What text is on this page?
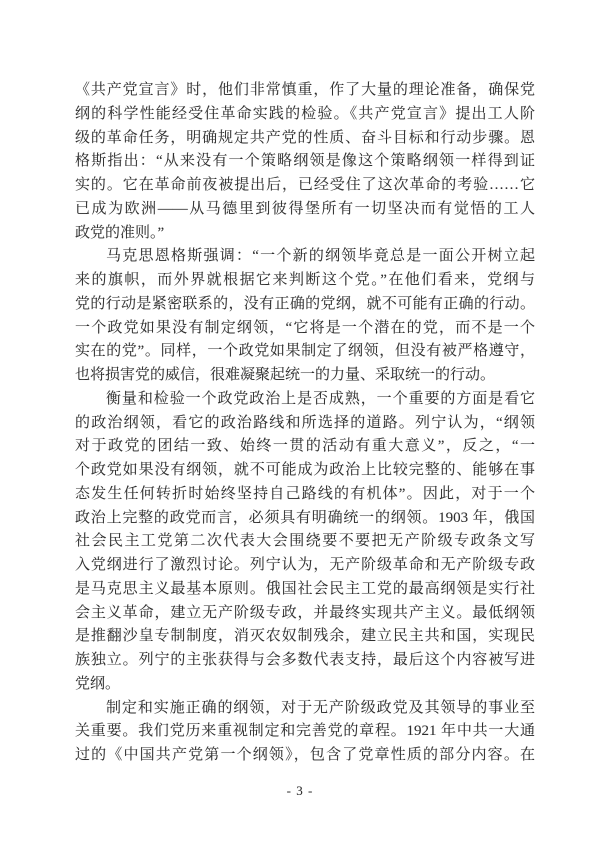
《共产党宣言》时，他们非常慎重，作了大量的理论准备，确保党
纲的科学性能经受住革命实践的检验。《共产党宣言》提出工人阶
级的革命任务，明确规定共产党的性质、奋斗目标和行动步骤。恩
格斯指出：“从来没有一个策略纲领是像这个策略纲领一样得到证
实的。它在革命前夜被提出后，已经受住了这次革命的考验……它
已成为欧洲——从马德里到彼得堡所有一切坚决而有觉悟的工人
政党的准则。”
马克思恩格斯强调：“一个新的纲领毕竟总是一面公开树立起
来的旗帜，而外界就根据它来判断这个党。”在他们看来，党纲与
党的行动是紧密联系的，没有正确的党纲，就不可能有正确的行动。
一个政党如果没有制定纲领，“它将是一个潜在的党，而不是一个
实在的党”。同样，一个政党如果制定了纲领，但没有被严格遵守，
也将损害党的威信，很难凝聚起统一的力量、采取统一的行动。
衡量和检验一个政党政治上是否成熟，一个重要的方面是看它
的政治纲领，看它的政治路线和所选择的道路。列宁认为，“纲领
对于政党的团结一致、始终一贯的活动有重大意义”，反之，“一
个政党如果没有纲领，就不可能成为政治上比较完整的、能够在事
态发生任何转折时始终坚持自己路线的有机体”。因此，对于一个
政治上完整的政党而言，必须具有明确统一的纲领。1903 年，俄国
社会民主工党第二次代表大会围绕要不要把无产阶级专政条文写
入党纲进行了激烈讨论。列宁认为，无产阶级革命和无产阶级专政
是马克思主义最基本原则。俄国社会民主工党的最高纲领是实行社
会主义革命，建立无产阶级专政，并最终实现共产主义。最低纲领
是推翻沙皇专制制度，消灭农奴制残余，建立民主共和国，实现民
族独立。列宁的主张获得与会多数代表支持，最后这个内容被写进
党纲。
制定和实施正确的纲领，对于无产阶级政党及其领导的事业至
关重要。我们党历来重视制定和完善党的章程。1921 年中共一大通
过的《中国共产党第一个纲领》，包含了党章性质的部分内容。在
- 3 -
